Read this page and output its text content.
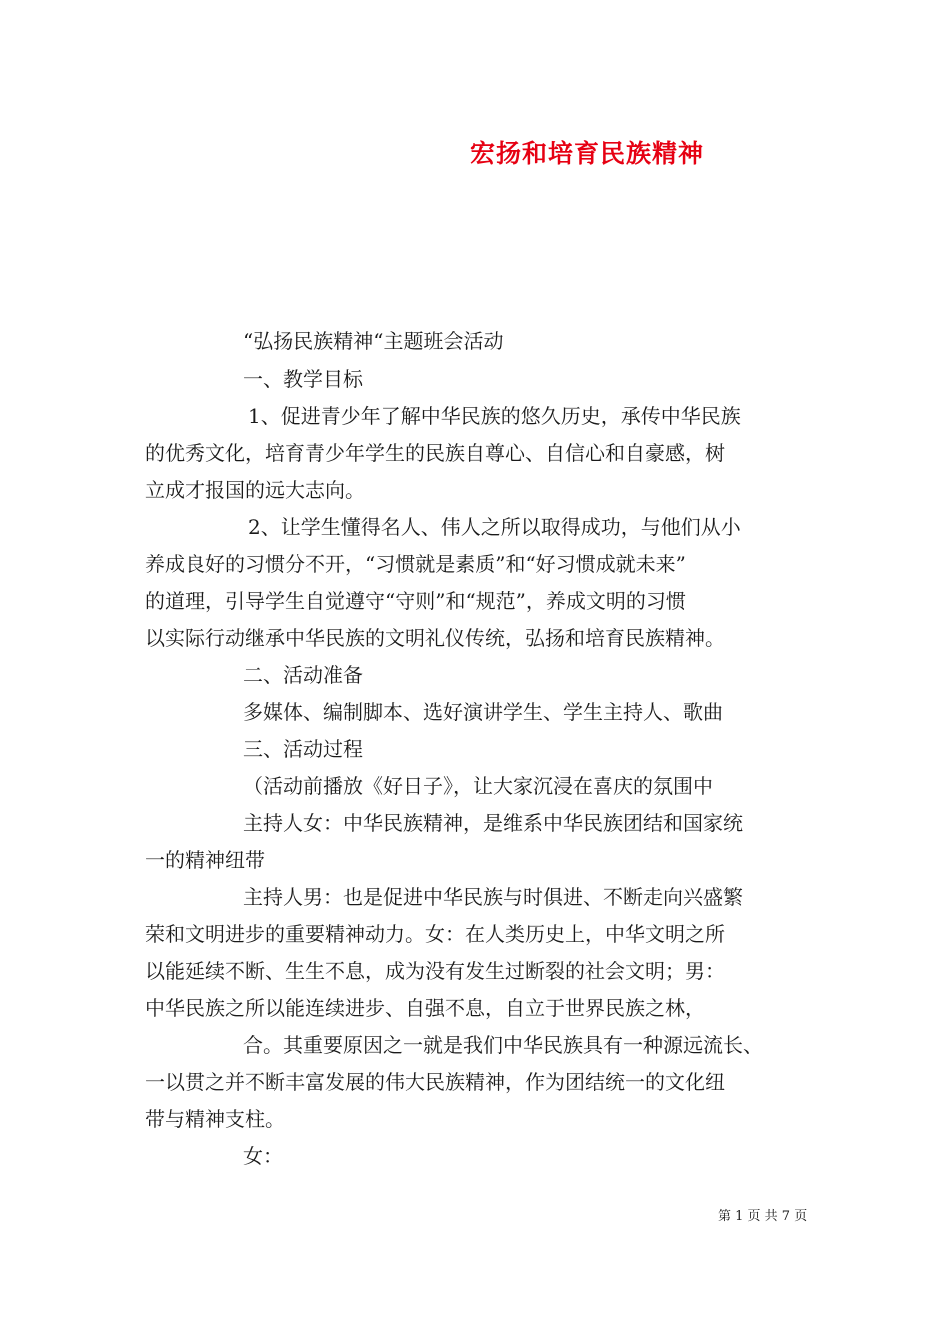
宏扬和培育民族精神
“弘扬民族精神“主题班会活动
一、教学目标
1、促进青少年了解中华民族的悠久历史，承传中华民族
的优秀文化，培育青少年学生的民族自尊心、自信心和自豪感，树
立成才报国的远大志向。
2、让学生懂得名人、伟人之所以取得成功，与他们从小
养成良好的习惯分不开，“习惯就是素质”和“好习惯成就未来”
的道理，引导学生自觉遵守“守则”和“规范”，养成文明的习惯
以实际行动继承中华民族的文明礼仪传统，弘扬和培育民族精神。
二、活动准备
多媒体、编制脚本、选好演讲学生、学生主持人、歌曲
三、活动过程
（活动前播放《好日子》，让大家沉浸在喜庆的氛围中
主持人女：中华民族精神，是维系中华民族团结和国家统
一的精神纽带
主持人男：也是促进中华民族与时俱进、不断走向兴盛繁
荣和文明进步的重要精神动力。女：在人类历史上，中华文明之所
以能延续不断、生生不息，成为没有发生过断裂的社会文明；男：
中华民族之所以能连续进步、自强不息，自立于世界民族之林，
合。其重要原因之一就是我们中华民族具有一种源远流长、
一以贯之并不断丰富发展的伟大民族精神，作为团结统一的文化纽
带与精神支柱。
女：
第 1 页 共 7 页
